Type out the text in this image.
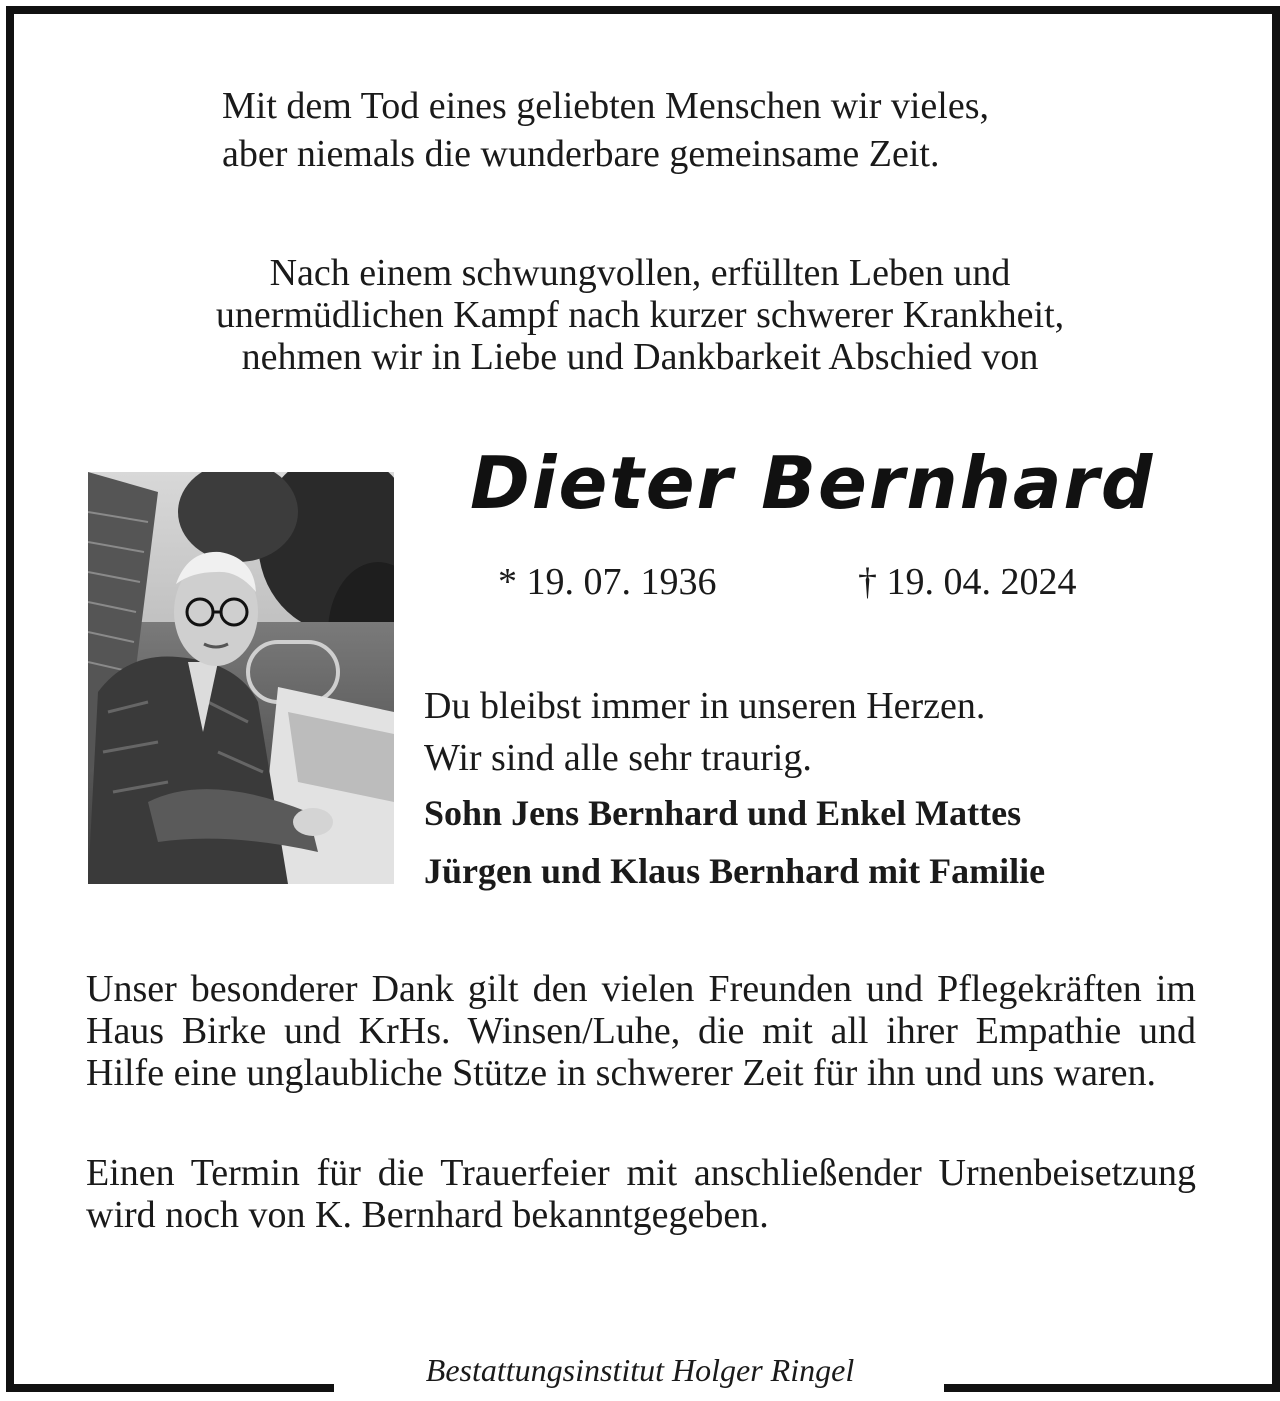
Mit dem Tod eines geliebten Menschen wir vieles,
aber niemals die wunderbare gemeinsame Zeit.
Nach einem schwungvollen, erfüllten Leben und
unermüdlichen Kampf nach kurzer schwerer Krankheit,
nehmen wir in Liebe und Dankbarkeit Abschied von
Dieter Bernhard
* 19. 07. 1936	† 19. 04. 2024
Du bleibst immer in unseren Herzen.
Wir sind alle sehr traurig.
Sohn Jens Bernhard und Enkel Mattes
Jürgen und Klaus Bernhard mit Familie
Unser besonderer Dank gilt den vielen Freunden und Pflegekräften im Haus Birke und KrHs. Winsen/Luhe, die mit all ihrer Empathie und Hilfe eine unglaubliche Stütze in schwerer Zeit für ihn und uns waren.
Einen Termin für die Trauerfeier mit anschließender Urnenbeisetzung wird noch von K. Bernhard bekanntgegeben.
Bestattungsinstitut Holger Ringel
